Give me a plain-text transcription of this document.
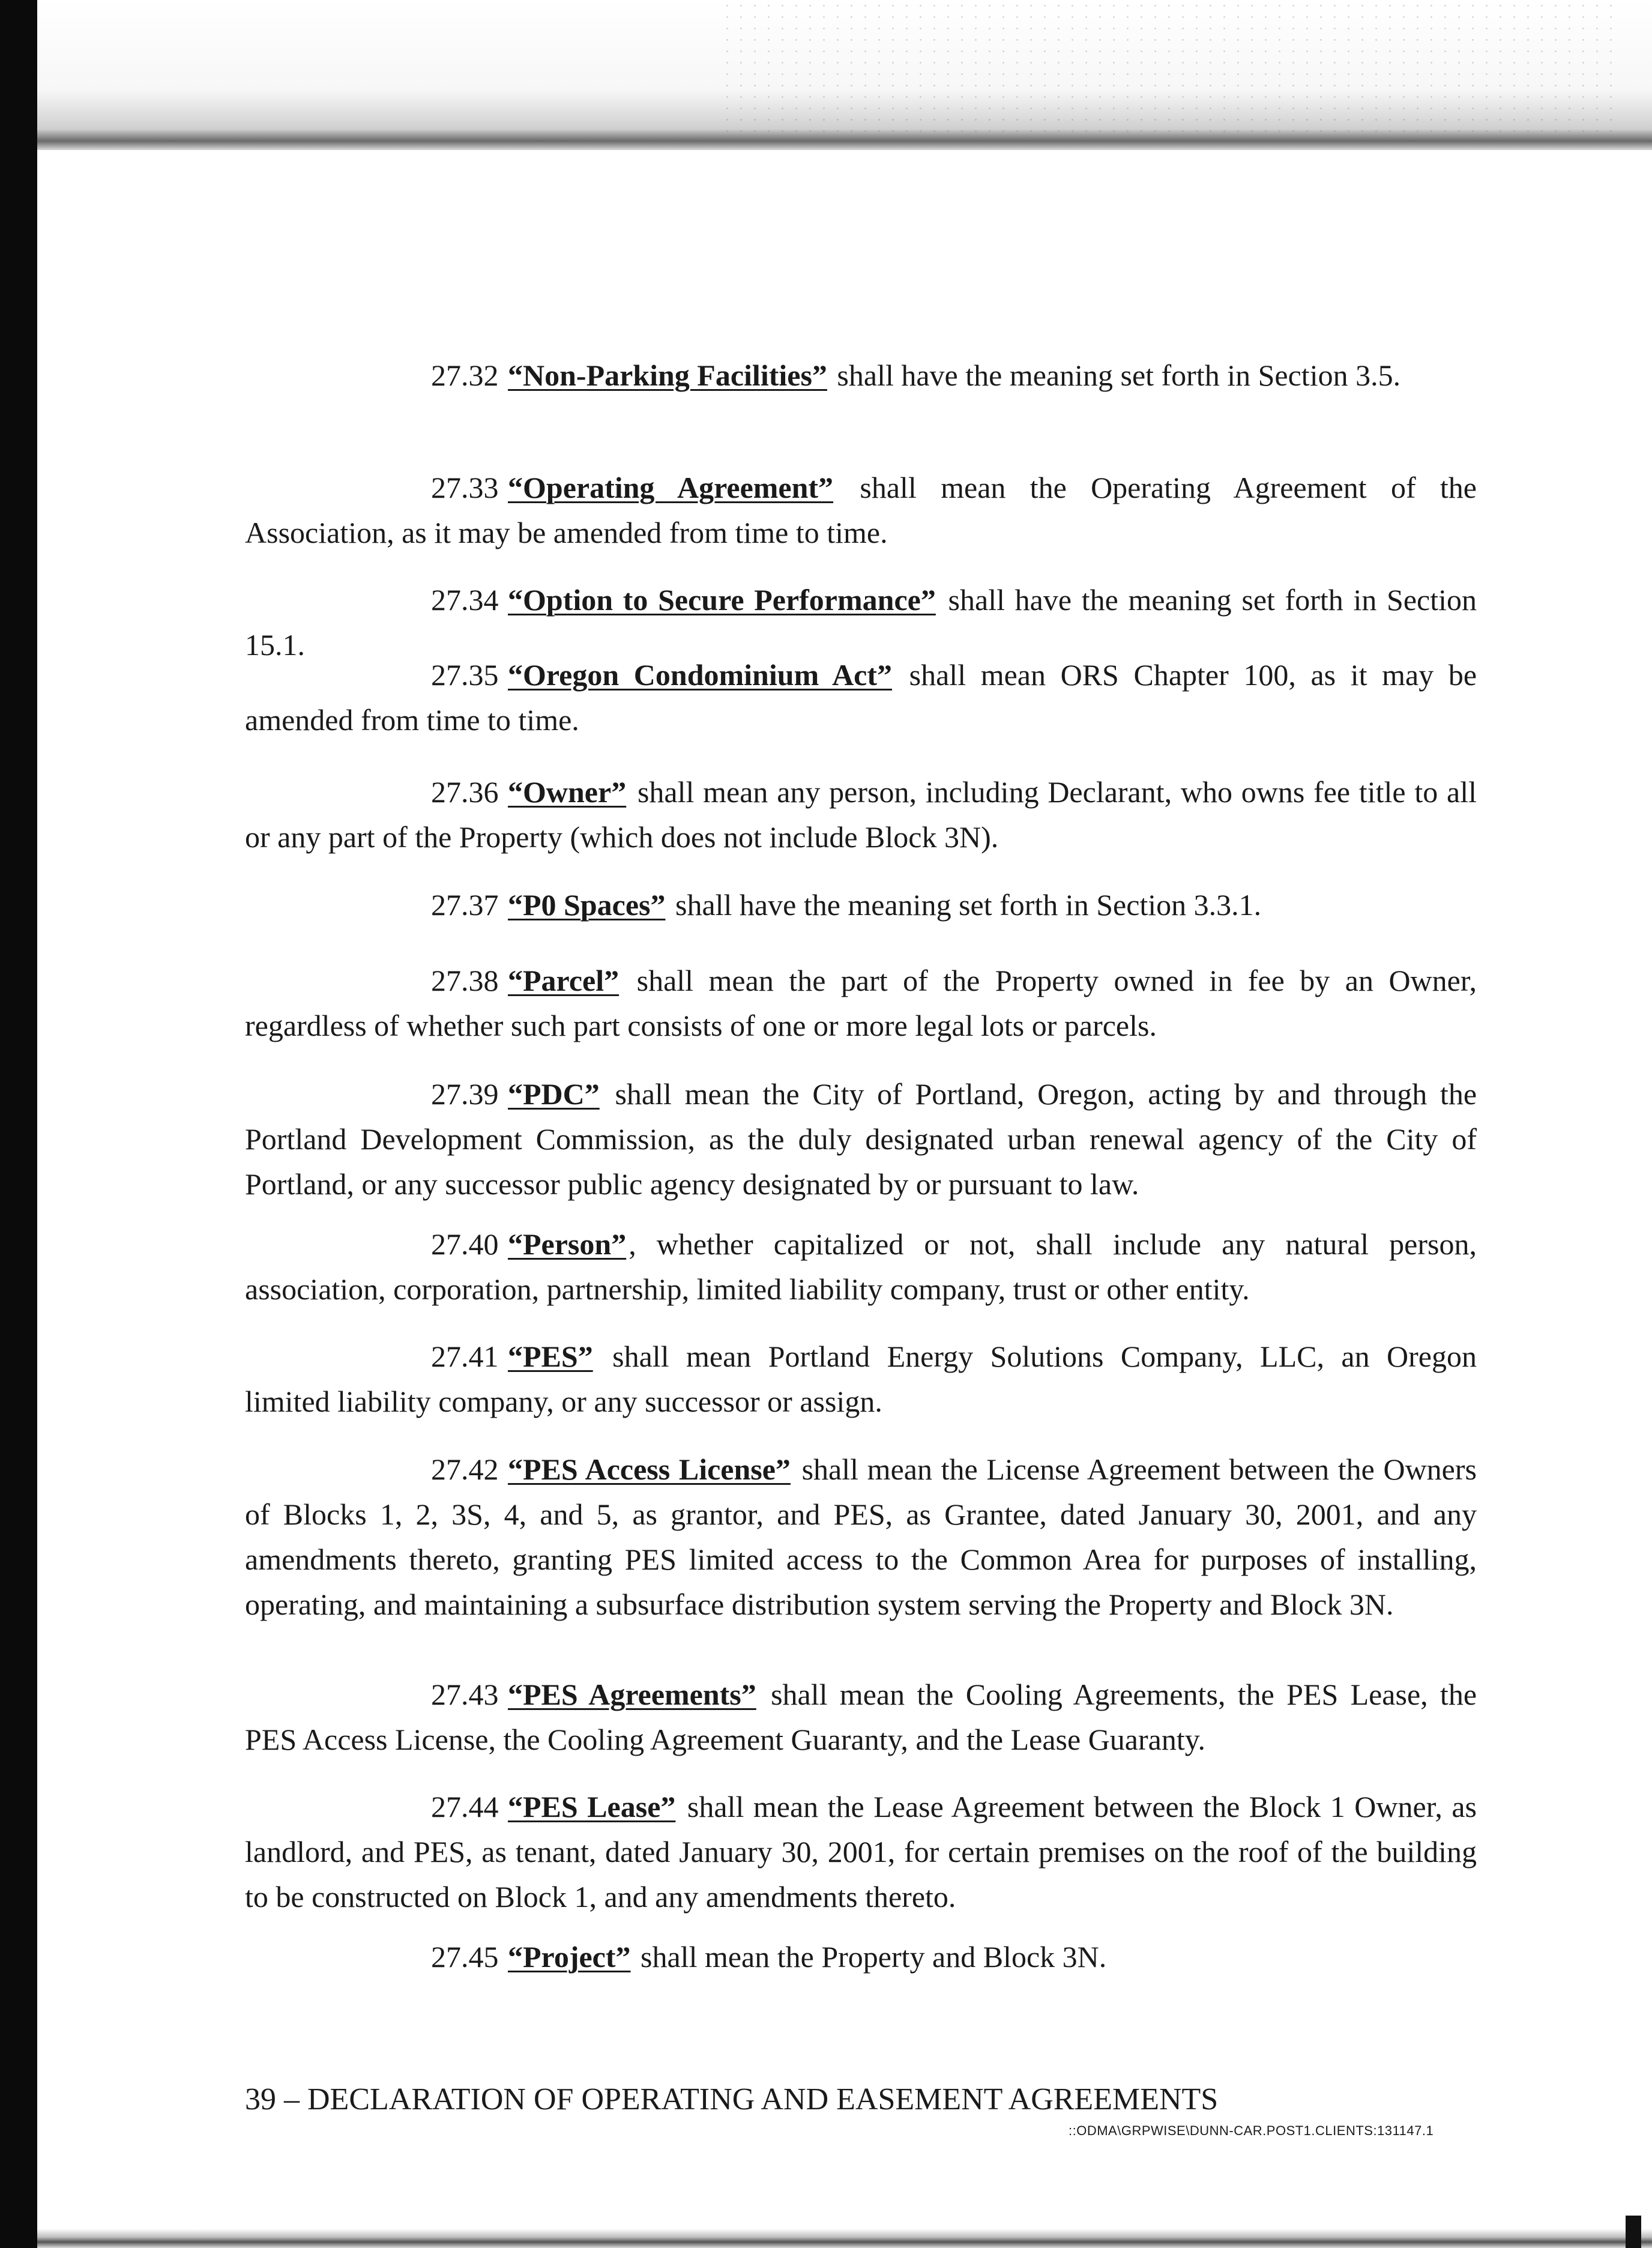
27.32 “Non-Parking Facilities” shall have the meaning set forth in Section 3.5.

27.33 “Operating Agreement” shall mean the Operating Agreement of the Association, as it may be amended from time to time.

27.34 “Option to Secure Performance” shall have the meaning set forth in Section 15.1.

27.35 “Oregon Condominium Act” shall mean ORS Chapter 100, as it may be amended from time to time.

27.36 “Owner” shall mean any person, including Declarant, who owns fee title to all or any part of the Property (which does not include Block 3N).

27.37 “P0 Spaces” shall have the meaning set forth in Section 3.3.1.

27.38 “Parcel” shall mean the part of the Property owned in fee by an Owner, regardless of whether such part consists of one or more legal lots or parcels.

27.39 “PDC” shall mean the City of Portland, Oregon, acting by and through the Portland Development Commission, as the duly designated urban renewal agency of the City of Portland, or any successor public agency designated by or pursuant to law.

27.40 “Person”, whether capitalized or not, shall include any natural person, association, corporation, partnership, limited liability company, trust or other entity.

27.41 “PES” shall mean Portland Energy Solutions Company, LLC, an Oregon limited liability company, or any successor or assign.

27.42 “PES Access License” shall mean the License Agreement between the Owners of Blocks 1, 2, 3S, 4, and 5, as grantor, and PES, as Grantee, dated January 30, 2001, and any amendments thereto, granting PES limited access to the Common Area for purposes of installing, operating, and maintaining a subsurface distribution system serving the Property and Block 3N.

27.43 “PES Agreements” shall mean the Cooling Agreements, the PES Lease, the PES Access License, the Cooling Agreement Guaranty, and the Lease Guaranty.

27.44 “PES Lease” shall mean the Lease Agreement between the Block 1 Owner, as landlord, and PES, as tenant, dated January 30, 2001, for certain premises on the roof of the building to be constructed on Block 1, and any amendments thereto.

27.45 “Project” shall mean the Property and Block 3N.

39 – DECLARATION OF OPERATING AND EASEMENT AGREEMENTS

::ODMA\GRPWISE\DUNN-CAR.POST1.CLIENTS:131147.1
